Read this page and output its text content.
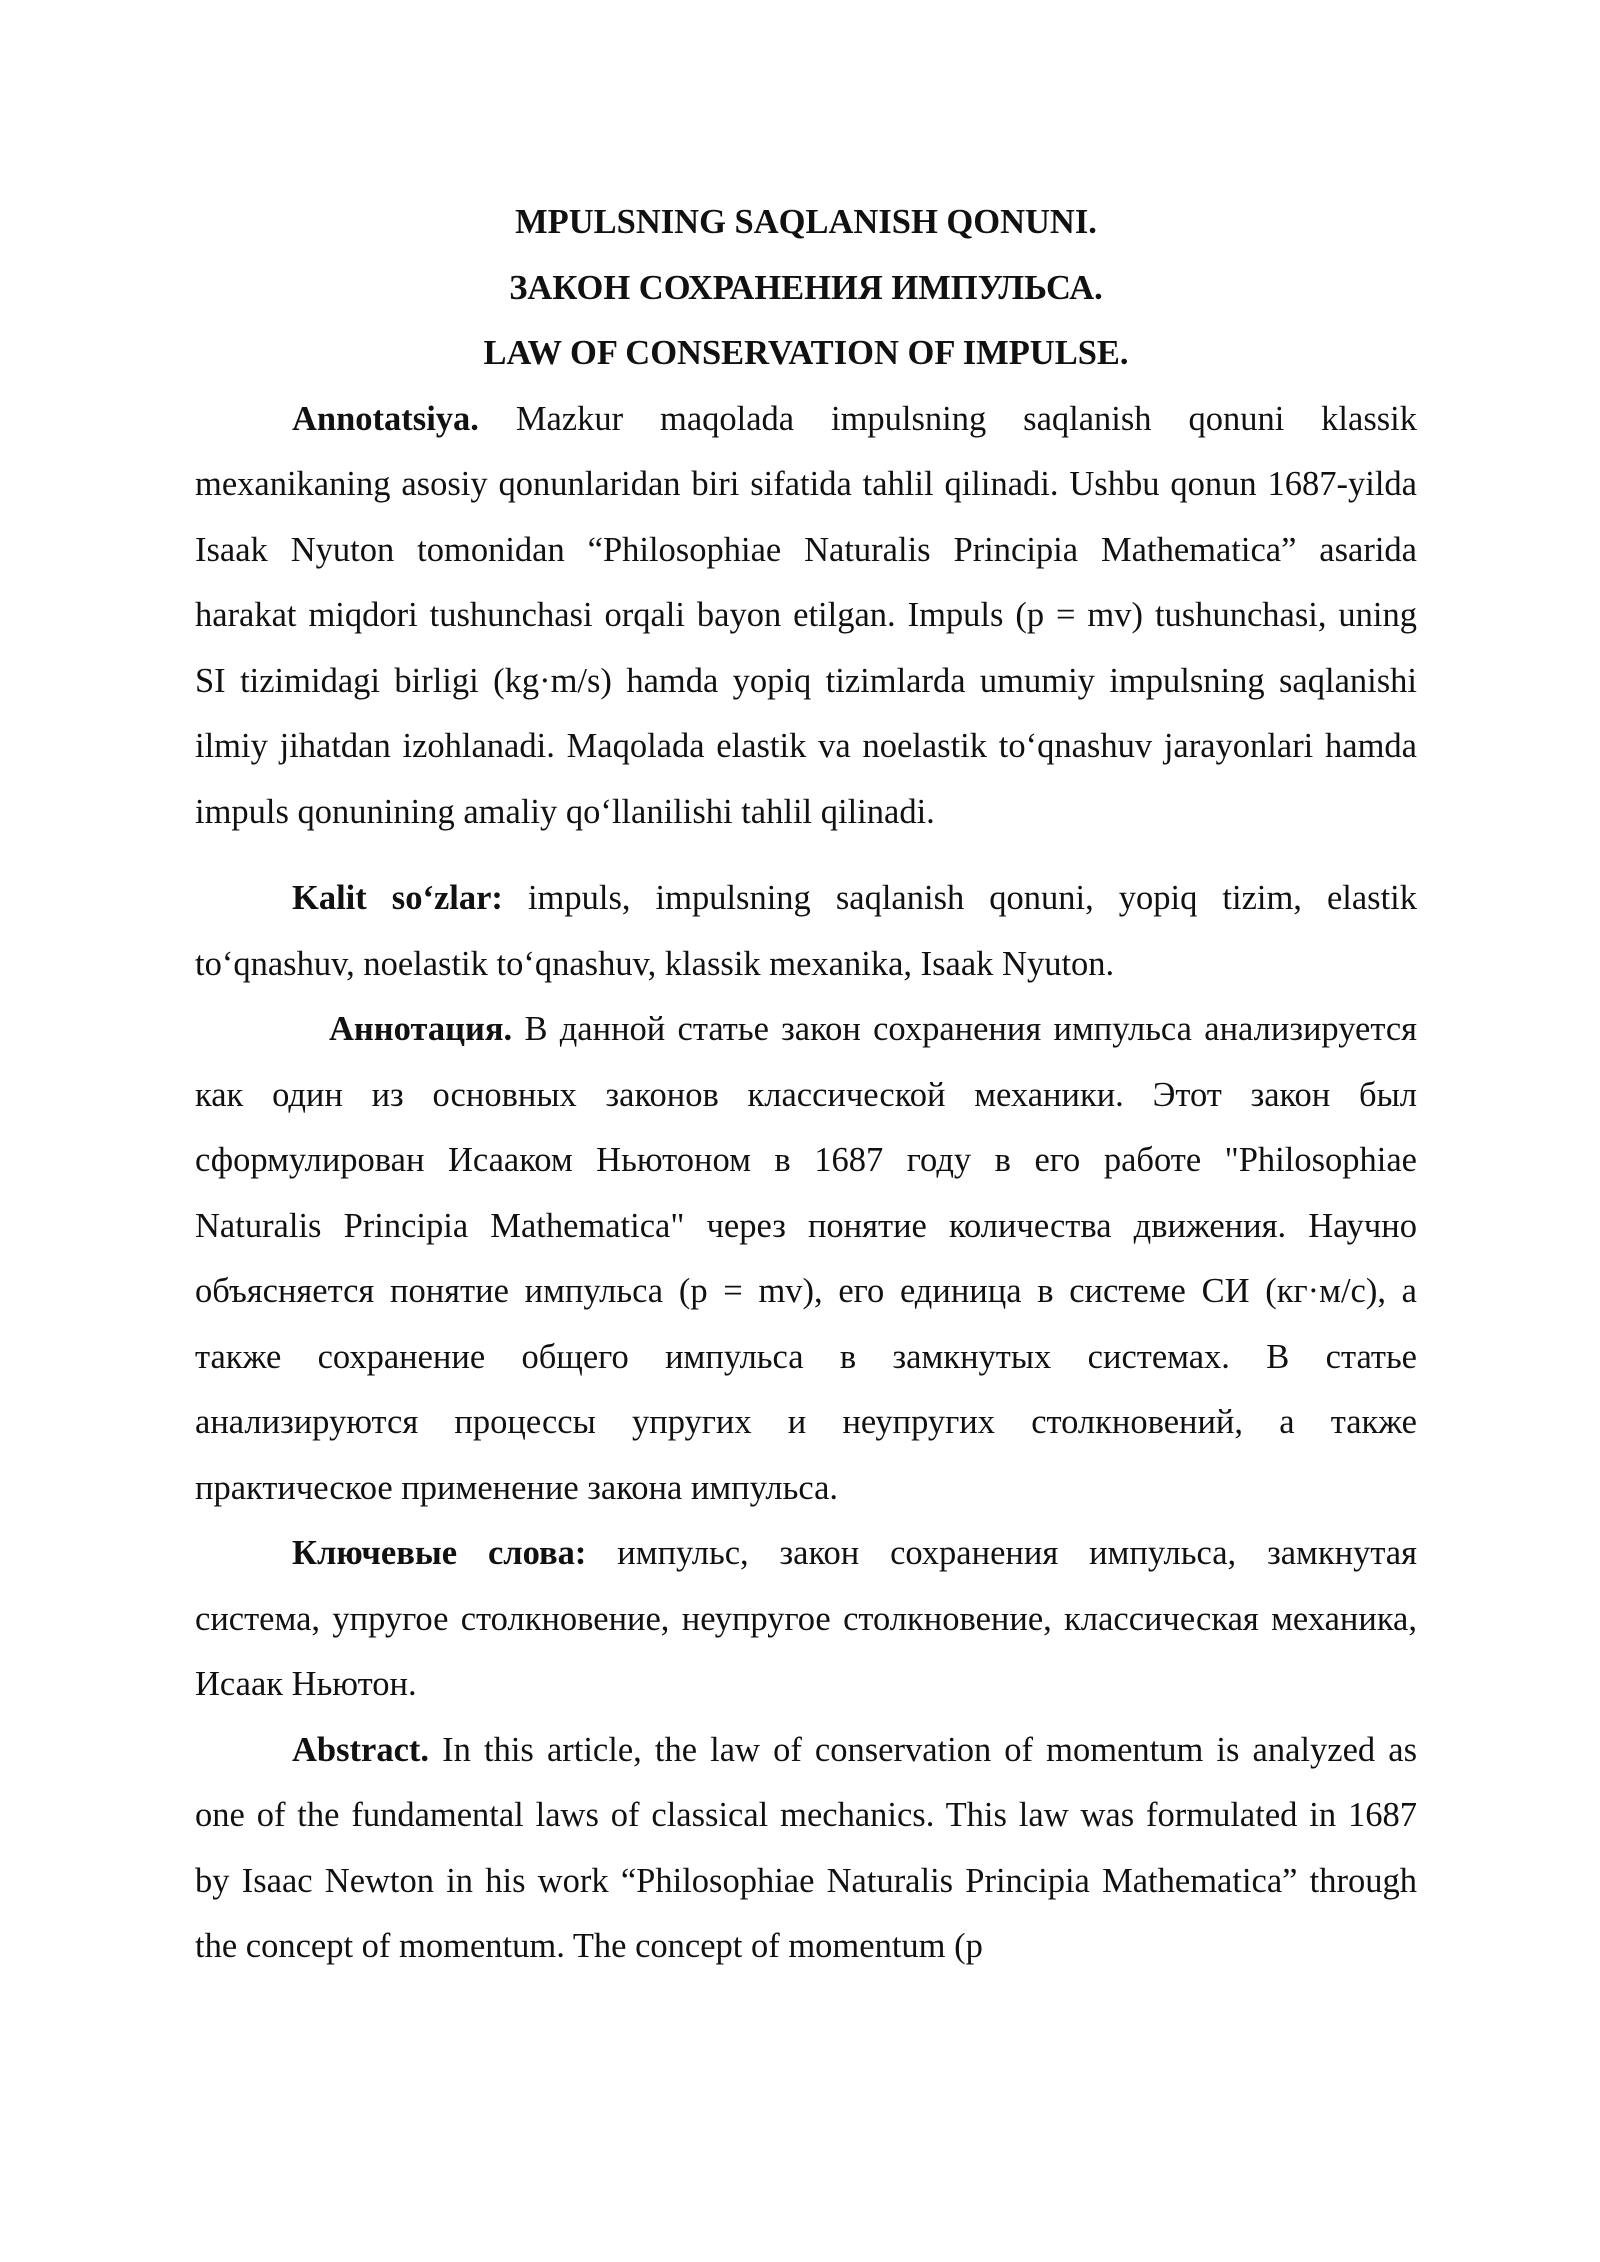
MPULSNING SAQLANISH QONUNI.

ЗАКОН СОХРАНЕНИЯ ИМПУЛЬСА.

LAW OF CONSERVATION OF IMPULSE.

Annotatsiya. Mazkur maqolada impulsning saqlanish qonuni klassik mexanikaning asosiy qonunlaridan biri sifatida tahlil qilinadi. Ushbu qonun 1687-yilda Isaak Nyuton tomonidan “Philosophiae Naturalis Principia Mathematica” asarida harakat miqdori tushunchasi orqali bayon etilgan. Impuls (p = mv) tushunchasi, uning SI tizimidagi birligi (kg·m/s) hamda yopiq tizimlarda umumiy impulsning saqlanishi ilmiy jihatdan izohlanadi. Maqolada elastik va noelastik to‘qnashuv jarayonlari hamda impuls qonunining amaliy qo‘llanilishi tahlil qilinadi.

Kalit so‘zlar: impuls, impulsning saqlanish qonuni, yopiq tizim, elastik to‘qnashuv, noelastik to‘qnashuv, klassik mexanika, Isaak Nyuton.

Аннотация. В данной статье закон сохранения импульса анализируется как один из основных законов классической механики. Этот закон был сформулирован Исааком Ньютоном в 1687 году в его работе "Philosophiae Naturalis Principia Mathematica" через понятие количества движения. Научно объясняется понятие импульса (p = mv), его единица в системе СИ (кг·м/с), а также сохранение общего импульса в замкнутых системах. В статье анализируются процессы упругих и неупругих столкновений, а также практическое применение закона импульса.

Ключевые слова: импульс, закон сохранения импульса, замкнутая система, упругое столкновение, неупругое столкновение, классическая механика, Исаак Ньютон.

Abstract. In this article, the law of conservation of momentum is analyzed as one of the fundamental laws of classical mechanics. This law was formulated in 1687 by Isaac Newton in his work “Philosophiae Naturalis Principia Mathematica” through the concept of momentum. The concept of momentum (p
